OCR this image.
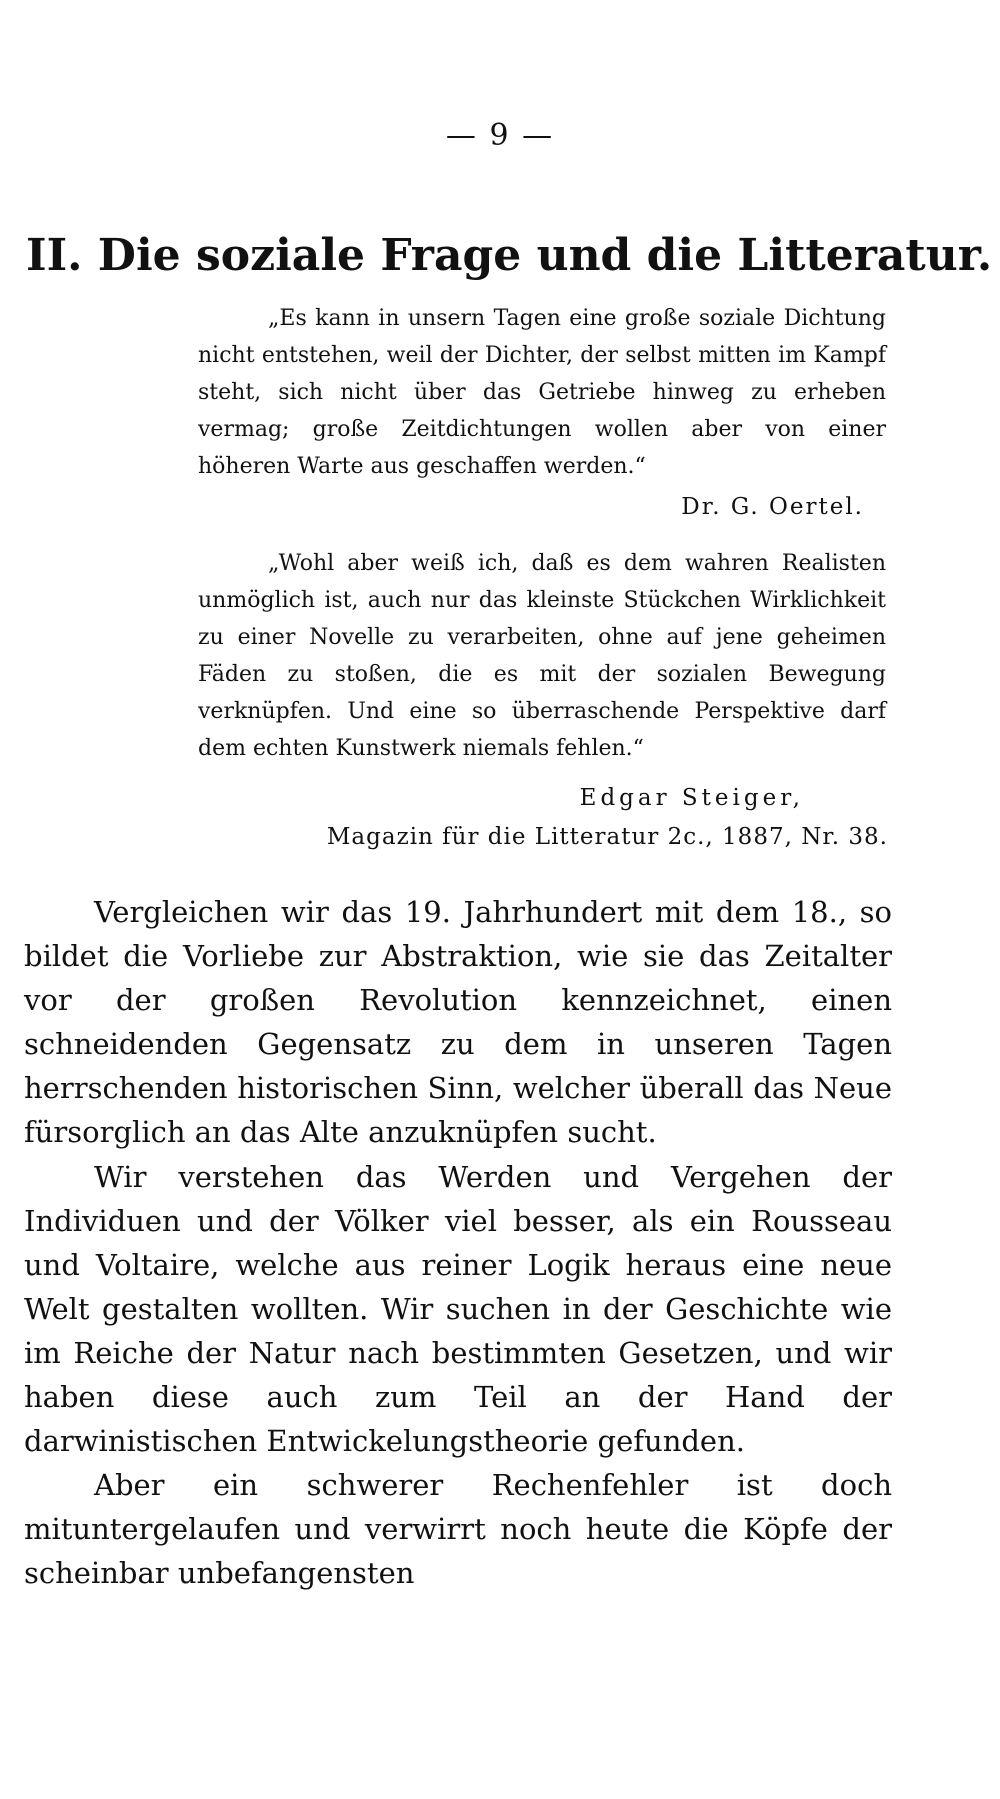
— 9 —
II. Die soziale Frage und die Litteratur.
„Es kann in unsern Tagen eine große soziale Dichtung nicht entstehen, weil der Dichter, der selbst mitten im Kampf steht, sich nicht über das Getriebe hinweg zu erheben vermag; große Zeitdichtungen wollen aber von einer höheren Warte aus geschaffen werden.“
Dr. G. Oertel.
„Wohl aber weiß ich, daß es dem wahren Realisten unmöglich ist, auch nur das kleinste Stückchen Wirklichkeit zu einer Novelle zu verarbeiten, ohne auf jene geheimen Fäden zu stoßen, die es mit der sozialen Bewegung verknüpfen. Und eine so überraschende Perspektive darf dem echten Kunstwerk niemals fehlen.“
Edgar Steiger,
Magazin für die Litteratur 2c., 1887, Nr. 38.
Vergleichen wir das 19. Jahrhundert mit dem 18., so bildet die Vorliebe zur Abstraktion, wie sie das Zeitalter vor der großen Revolution kennzeichnet, einen schneidenden Gegensatz zu dem in unseren Tagen herrschenden historischen Sinn, welcher überall das Neue fürsorglich an das Alte anzuknüpfen sucht.
Wir verstehen das Werden und Vergehen der Individuen und der Völker viel besser, als ein Rousseau und Voltaire, welche aus reiner Logik heraus eine neue Welt gestalten wollten. Wir suchen in der Geschichte wie im Reiche der Natur nach bestimmten Gesetzen, und wir haben diese auch zum Teil an der Hand der darwinistischen Entwickelungstheorie gefunden.
Aber ein schwerer Rechenfehler ist doch mituntergelaufen und verwirrt noch heute die Köpfe der scheinbar unbefangensten
